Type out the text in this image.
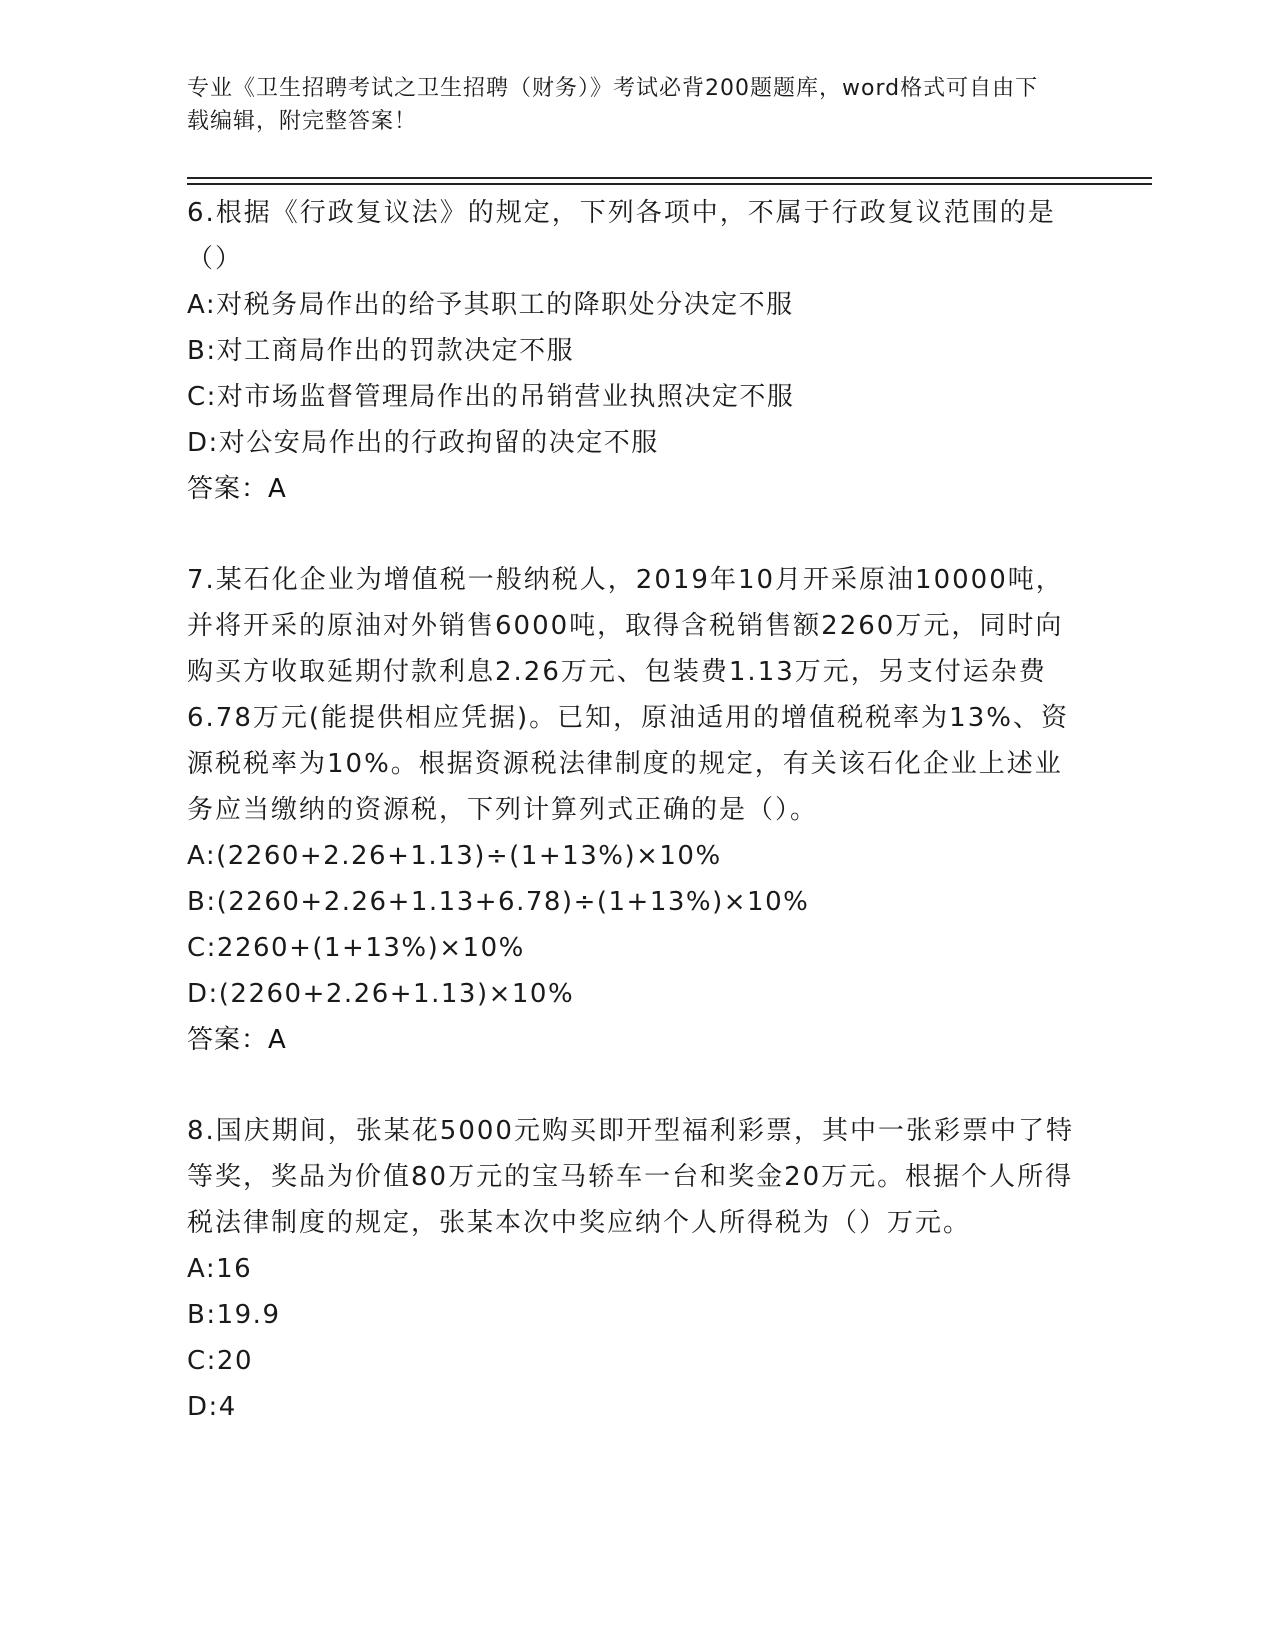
专业《卫生招聘考试之卫生招聘（财务）》考试必背200题题库，word格式可自由下载编辑，附完整答案！

6.根据《行政复议法》的规定，下列各项中，不属于行政复议范围的是（）

A:对税务局作出的给予其职工的降职处分决定不服

B:对工商局作出的罚款决定不服

C:对市场监督管理局作出的吊销营业执照决定不服

D:对公安局作出的行政拘留的决定不服

答案：A

7.某石化企业为增值税一般纳税人，2019年10月开采原油10000吨，并将开采的原油对外销售6000吨，取得含税销售额2260万元，同时向购买方收取延期付款利息2.26万元、包装费1.13万元，另支付运杂费6.78万元(能提供相应凭据)。已知，原油适用的增值税税率为13%、资源税税率为10%。根据资源税法律制度的规定，有关该石化企业上述业务应当缴纳的资源税，下列计算列式正确的是（）。

A:(2260+2.26+1.13)÷(1+13%)×10%

B:(2260+2.26+1.13+6.78)÷(1+13%)×10%

C:2260+(1+13%)×10%

D:(2260+2.26+1.13)×10%

答案：A

8.国庆期间，张某花5000元购买即开型福利彩票，其中一张彩票中了特等奖，奖品为价值80万元的宝马轿车一台和奖金20万元。根据个人所得税法律制度的规定，张某本次中奖应纳个人所得税为（）万元。

A:16

B:19.9

C:20

D:4
